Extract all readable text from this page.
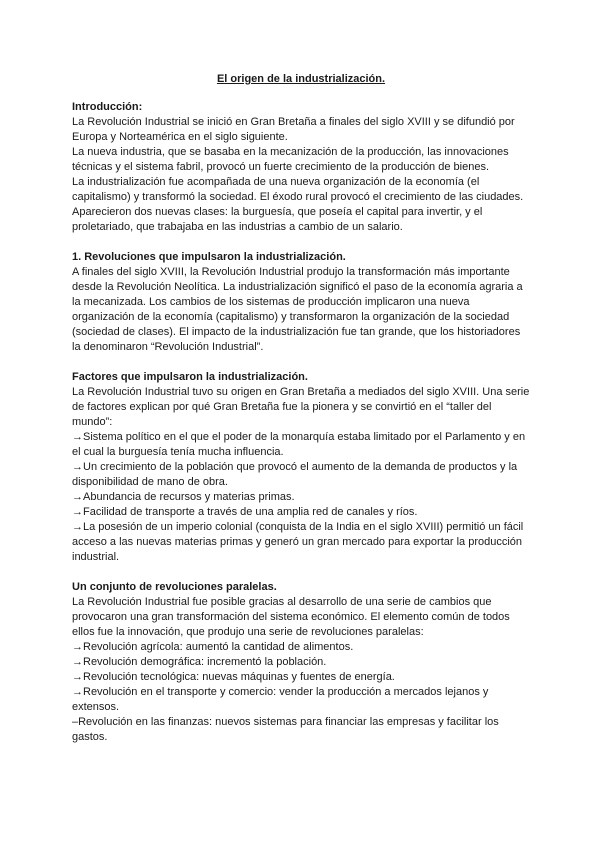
El origen de la industrialización.
Introducción:
La Revolución Industrial se inició en Gran Bretaña a finales del siglo XVIII y se difundió por Europa y Norteamérica en el siglo siguiente.
La nueva industria, que se basaba en la mecanización de la producción, las innovaciones técnicas y el sistema fabril, provocó un fuerte crecimiento de la producción de bienes.
La industrialización fue acompañada de una nueva organización de la economía (el capitalismo) y transformó la sociedad. El éxodo rural provocó el crecimiento de las ciudades. Aparecieron dos nuevas clases: la burguesía, que poseía el capital para invertir, y el proletariado, que trabajaba en las industrias a cambio de un salario.
1. Revoluciones que impulsaron la industrialización.
A finales del siglo XVIII, la Revolución Industrial produjo la transformación más importante desde la Revolución Neolítica. La industrialización significó el paso de la economía agraria a la mecanizada. Los cambios de los sistemas de producción implicaron una nueva organización de la economía (capitalismo) y transformaron la organización de la sociedad (sociedad de clases). El impacto de la industrialización fue tan grande, que los historiadores la denominaron “Revolución Industrial”.
Factores que impulsaron la industrialización.
La Revolución Industrial tuvo su origen en Gran Bretaña a mediados del siglo XVIII. Una serie de factores explican por qué Gran Bretaña fue la pionera y se convirtió en el “taller del mundo”:
→Sistema político en el que el poder de la monarquía estaba limitado por el Parlamento y en el cual la burguesía tenía mucha influencia.
→Un crecimiento de la población que provocó el aumento de la demanda de productos y la disponibilidad de mano de obra.
→Abundancia de recursos y materias primas.
→Facilidad de transporte a través de una amplia red de canales y ríos.
→La posesión de un imperio colonial (conquista de la India en el siglo XVIII) permitió un fácil acceso a las nuevas materias primas y generó un gran mercado para exportar la producción industrial.
Un conjunto de revoluciones paralelas.
La Revolución Industrial fue posible gracias al desarrollo de una serie de cambios que provocaron una gran transformación del sistema económico. El elemento común de todos ellos fue la innovación, que produjo una serie de revoluciones paralelas:
→Revolución agrícola: aumentó la cantidad de alimentos.
→Revolución demográfica: incrementó la población.
→Revolución tecnológica: nuevas máquinas y fuentes de energía.
→Revolución en el transporte y comercio: vender la producción a mercados lejanos y extensos.
–Revolución en las finanzas: nuevos sistemas para financiar las empresas y facilitar los gastos.
